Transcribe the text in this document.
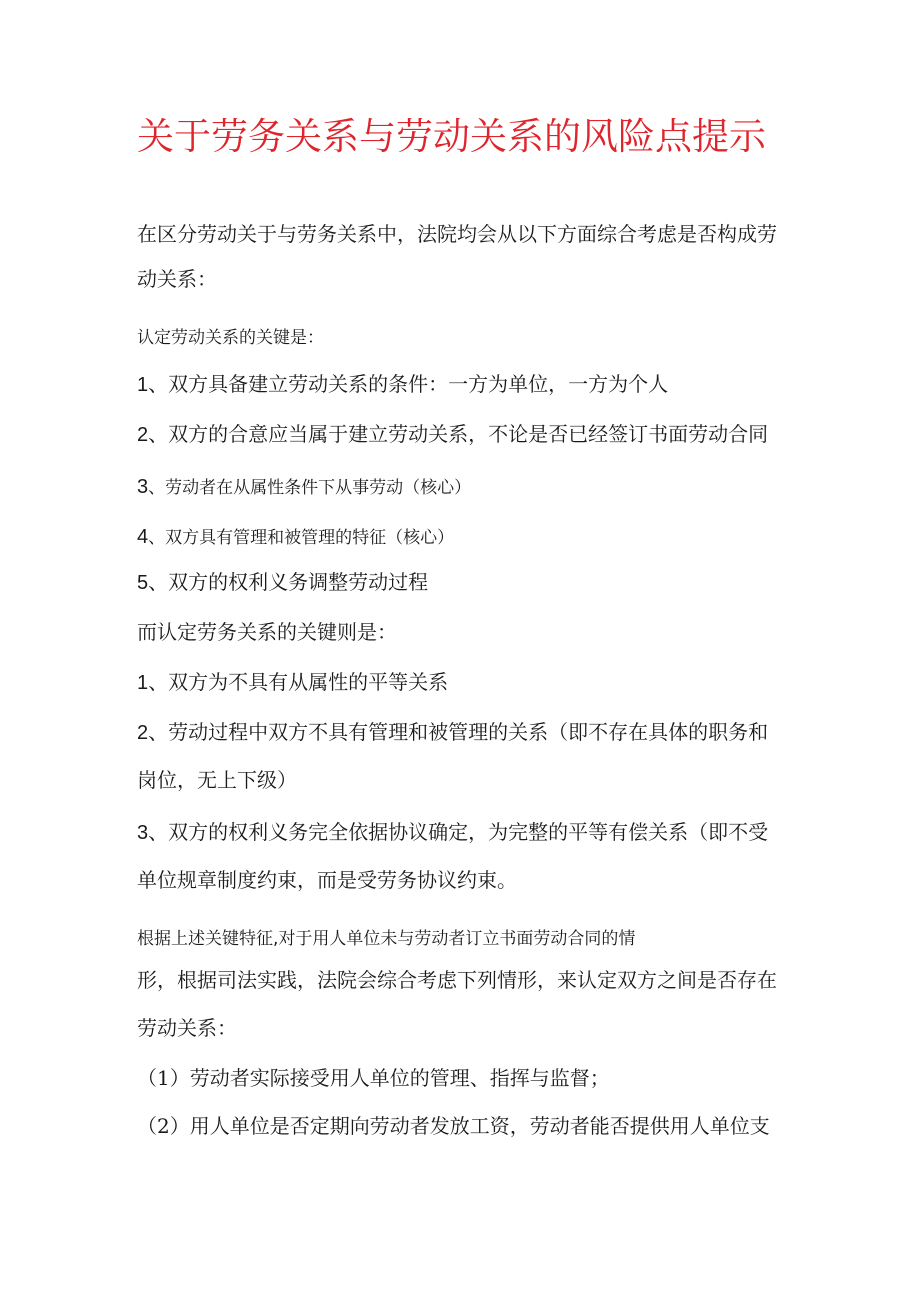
关于劳务关系与劳动关系的风险点提示

在区分劳动关于与劳务关系中，法院均会从以下方面综合考虑是否构成劳

动关系：

认定劳动关系的关键是：

1、双方具备建立劳动关系的条件：一方为单位，一方为个人

2、双方的合意应当属于建立劳动关系，不论是否已经签订书面劳动合同

3、劳动者在从属性条件下从事劳动（核心）

4、双方具有管理和被管理的特征（核心）

5、双方的权利义务调整劳动过程

而认定劳务关系的关键则是：

1、双方为不具有从属性的平等关系

2、劳动过程中双方不具有管理和被管理的关系（即不存在具体的职务和

岗位，无上下级）

3、双方的权利义务完全依据协议确定，为完整的平等有偿关系（即不受

单位规章制度约束，而是受劳务协议约束。

根据上述关键特征,对于用人单位未与劳动者订立书面劳动合同的情

形，根据司法实践，法院会综合考虑下列情形，来认定双方之间是否存在

劳动关系：

（1）劳动者实际接受用人单位的管理、指挥与监督；

（2）用人单位是否定期向劳动者发放工资，劳动者能否提供用人单位支
